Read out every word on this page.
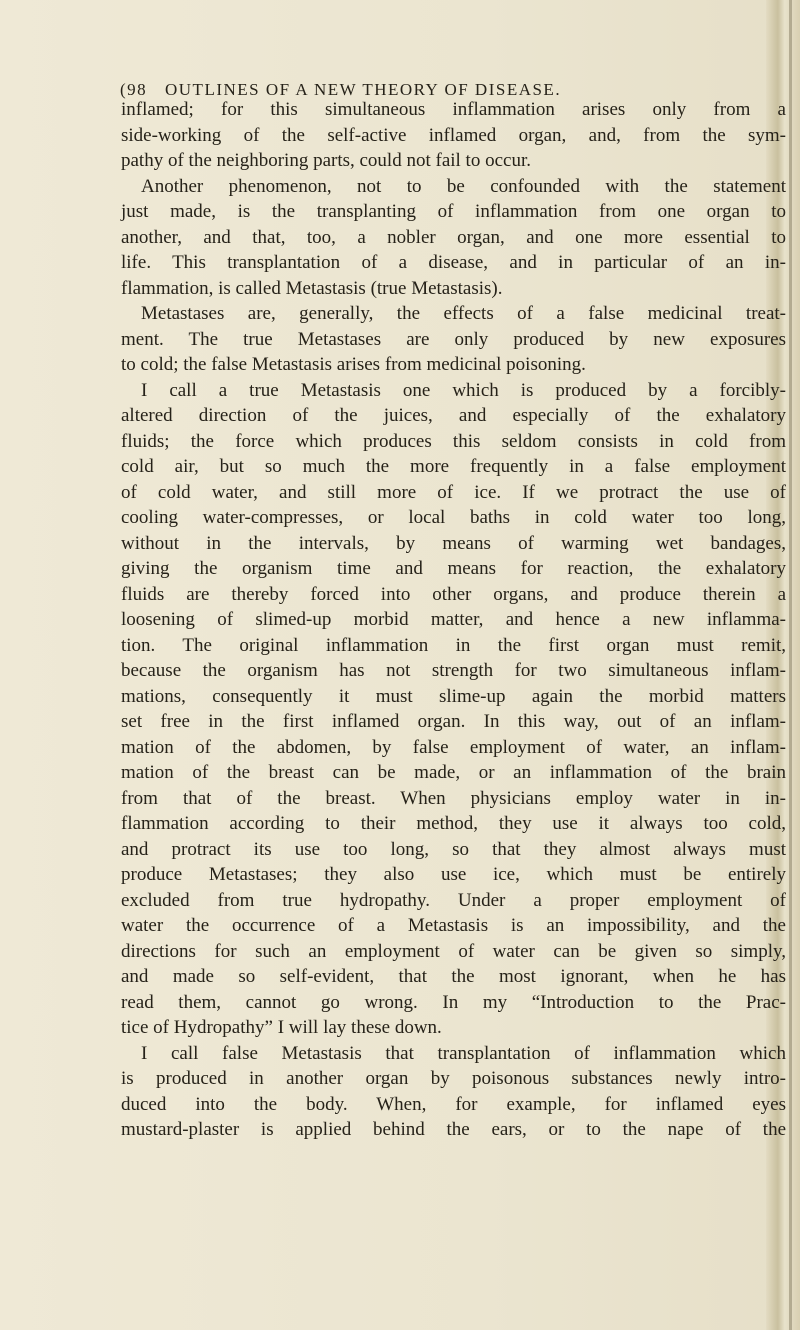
(98 OUTLINES OF A NEW THEORY OF DISEASE.
inflamed; for this simultaneous inflammation arises only from a
side-working of the self-active inflamed organ, and, from the sym-
pathy of the neighboring parts, could not fail to occur.
Another phenomenon, not to be confounded with the statement
just made, is the transplanting of inflammation from one organ to
another, and that, too, a nobler organ, and one more essential to
life. This transplantation of a disease, and in particular of an in-
flammation, is called Metastasis (true Metastasis).
Metastases are, generally, the effects of a false medicinal treat-
ment. The true Metastases are only produced by new exposures
to cold; the false Metastasis arises from medicinal poisoning.
I call a true Metastasis one which is produced by a forcibly-
altered direction of the juices, and especially of the exhalatory
fluids; the force which produces this seldom consists in cold from
cold air, but so much the more frequently in a false employment
of cold water, and still more of ice. If we protract the use of
cooling water-compresses, or local baths in cold water too long,
without in the intervals, by means of warming wet bandages,
giving the organism time and means for reaction, the exhalatory
fluids are thereby forced into other organs, and produce therein a
loosening of slimed-up morbid matter, and hence a new inflamma-
tion. The original inflammation in the first organ must remit,
because the organism has not strength for two simultaneous inflam-
mations, consequently it must slime-up again the morbid matters
set free in the first inflamed organ. In this way, out of an inflam-
mation of the abdomen, by false employment of water, an inflam-
mation of the breast can be made, or an inflammation of the brain
from that of the breast. When physicians employ water in in-
flammation according to their method, they use it always too cold,
and protract its use too long, so that they almost always must
produce Metastases; they also use ice, which must be entirely
excluded from true hydropathy. Under a proper employment of
water the occurrence of a Metastasis is an impossibility, and the
directions for such an employment of water can be given so simply,
and made so self-evident, that the most ignorant, when he has
read them, cannot go wrong. In my “Introduction to the Prac-
tice of Hydropathy” I will lay these down.
I call false Metastasis that transplantation of inflammation which
is produced in another organ by poisonous substances newly intro-
duced into the body. When, for example, for inflamed eyes
mustard-plaster is applied behind the ears, or to the nape of the
